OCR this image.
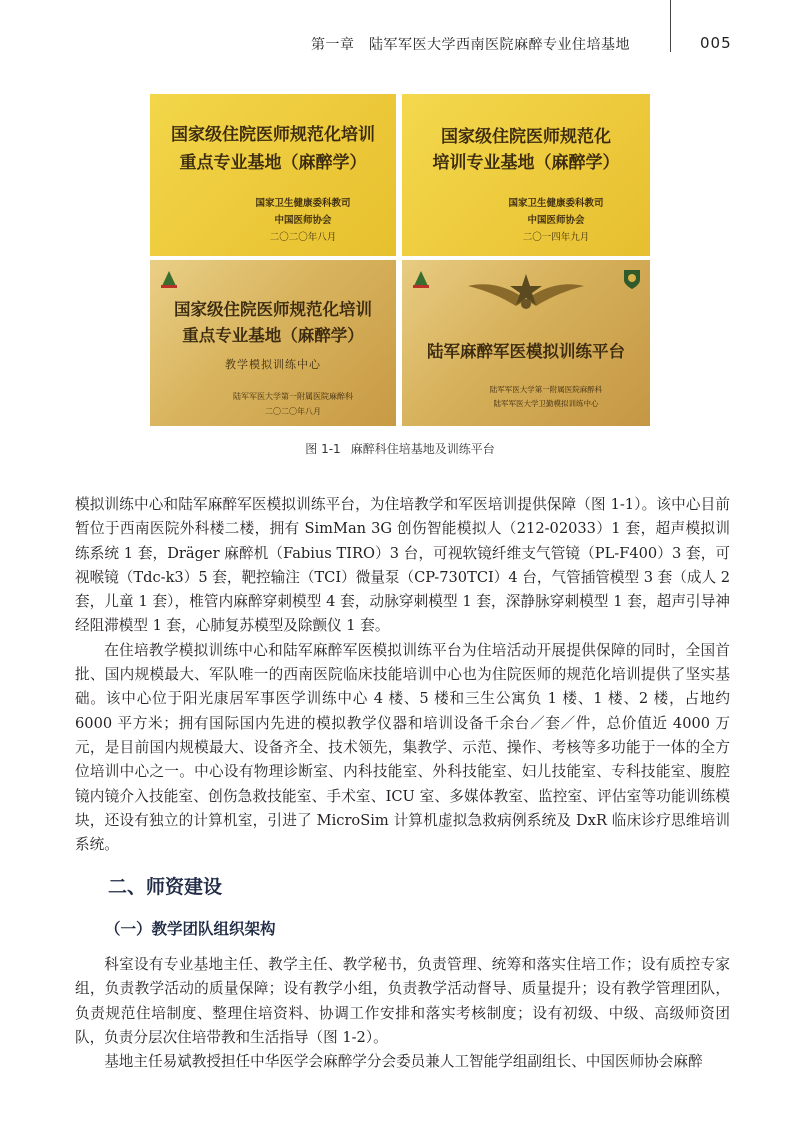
第一章　陆军军医大学西南医院麻醉专业住培基地	005
国家级住院医师规范化培训
重点专业基地（麻醉学）
国家卫生健康委科教司
中国医师协会
二〇二〇年八月
国家级住院医师规范化
培训专业基地（麻醉学）
国家卫生健康委科教司
中国医师协会
二〇一四年九月
国家级住院医师规范化培训
重点专业基地（麻醉学）
教学模拟训练中心
陆军军医大学第一附属医院麻醉科
二〇二〇年八月
陆军麻醉军医模拟训练平台
陆军军医大学第一附属医院麻醉科
陆军军医大学卫勤模拟训练中心
图 1-1 麻醉科住培基地及训练平台

模拟训练中心和陆军麻醉军医模拟训练平台，为住培教学和军医培训提供保障（图 1-1）。该中心目前暂位于西南医院外科楼二楼，拥有 SimMan 3G 创伤智能模拟人（212-02033）1 套，超声模拟训练系统 1 套，Dräger 麻醉机（Fabius TIRO）3 台，可视软镜纤维支气管镜（PL-F400）3 套，可视喉镜（Tdc-k3）5 套，靶控输注（TCI）微量泵（CP-730TCI）4 台，气管插管模型 3 套（成人 2 套，儿童 1 套），椎管内麻醉穿刺模型 4 套，动脉穿刺模型 1 套，深静脉穿刺模型 1 套，超声引导神经阻滞模型 1 套，心肺复苏模型及除颤仪 1 套。

在住培教学模拟训练中心和陆军麻醉军医模拟训练平台为住培活动开展提供保障的同时，全国首批、国内规模最大、军队唯一的西南医院临床技能培训中心也为住院医师的规范化培训提供了坚实基础。该中心位于阳光康居军事医学训练中心 4 楼、5 楼和三生公寓负 1 楼、1 楼、2 楼，占地约 6000 平方米；拥有国际国内先进的模拟教学仪器和培训设备千余台／套／件，总价值近 4000 万元，是目前国内规模最大、设备齐全、技术领先，集教学、示范、操作、考核等多功能于一体的全方位培训中心之一。中心设有物理诊断室、内科技能室、外科技能室、妇儿技能室、专科技能室、腹腔镜内镜介入技能室、创伤急救技能室、手术室、ICU 室、多媒体教室、监控室、评估室等功能训练模块，还设有独立的计算机室，引进了 MicroSim 计算机虚拟急救病例系统及 DxR 临床诊疗思维培训系统。

二、师资建设
（一）教学团队组织架构

科室设有专业基地主任、教学主任、教学秘书，负责管理、统筹和落实住培工作；设有质控专家组，负责教学活动的质量保障；设有教学小组，负责教学活动督导、质量提升；设有教学管理团队，负责规范住培制度、整理住培资料、协调工作安排和落实考核制度；设有初级、中级、高级师资团队，负责分层次住培带教和生活指导（图 1-2）。

基地主任易斌教授担任中华医学会麻醉学分会委员兼人工智能学组副组长、中国医师协会麻醉
